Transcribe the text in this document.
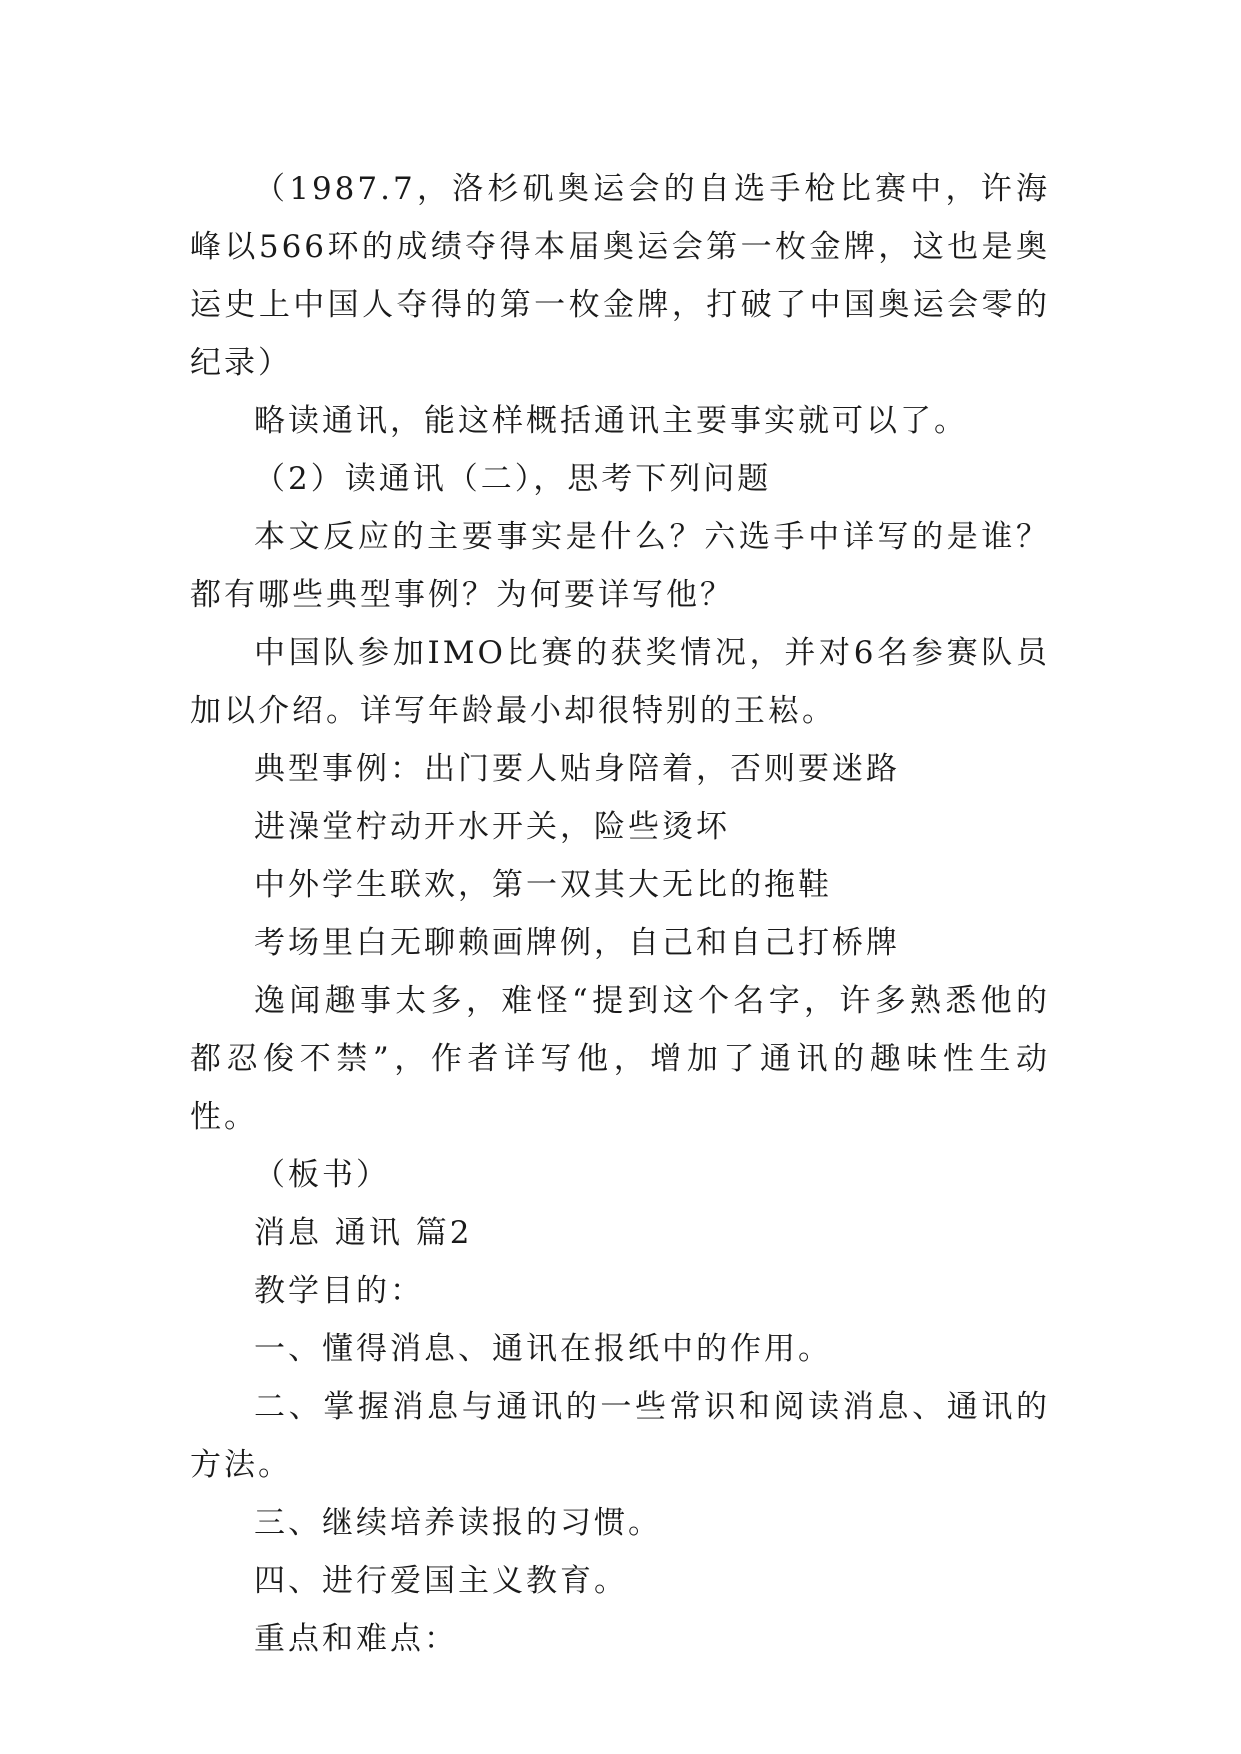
（1987.7，洛杉矶奥运会的自选手枪比赛中，许海峰以566环的成绩夺得本届奥运会第一枚金牌，这也是奥运史上中国人夺得的第一枚金牌，打破了中国奥运会零的纪录）

略读通讯，能这样概括通讯主要事实就可以了。

（2）读通讯（二），思考下列问题

本文反应的主要事实是什么？六选手中详写的是谁？都有哪些典型事例？为何要详写他？

中国队参加IMO比赛的获奖情况，并对6名参赛队员加以介绍。详写年龄最小却很特别的王崧。

典型事例：出门要人贴身陪着，否则要迷路

进澡堂柠动开水开关，险些烫坏

中外学生联欢，第一双其大无比的拖鞋

考场里白无聊赖画牌例，自己和自己打桥牌

逸闻趣事太多，难怪“提到这个名字，许多熟悉他的都忍俊不禁”，作者详写他，增加了通讯的趣味性生动性。

（板书）

消息 通讯 篇2

教学目的：

一、懂得消息、通讯在报纸中的作用。

二、掌握消息与通讯的一些常识和阅读消息、通讯的方法。

三、继续培养读报的习惯。

四、进行爱国主义教育。

重点和难点：
